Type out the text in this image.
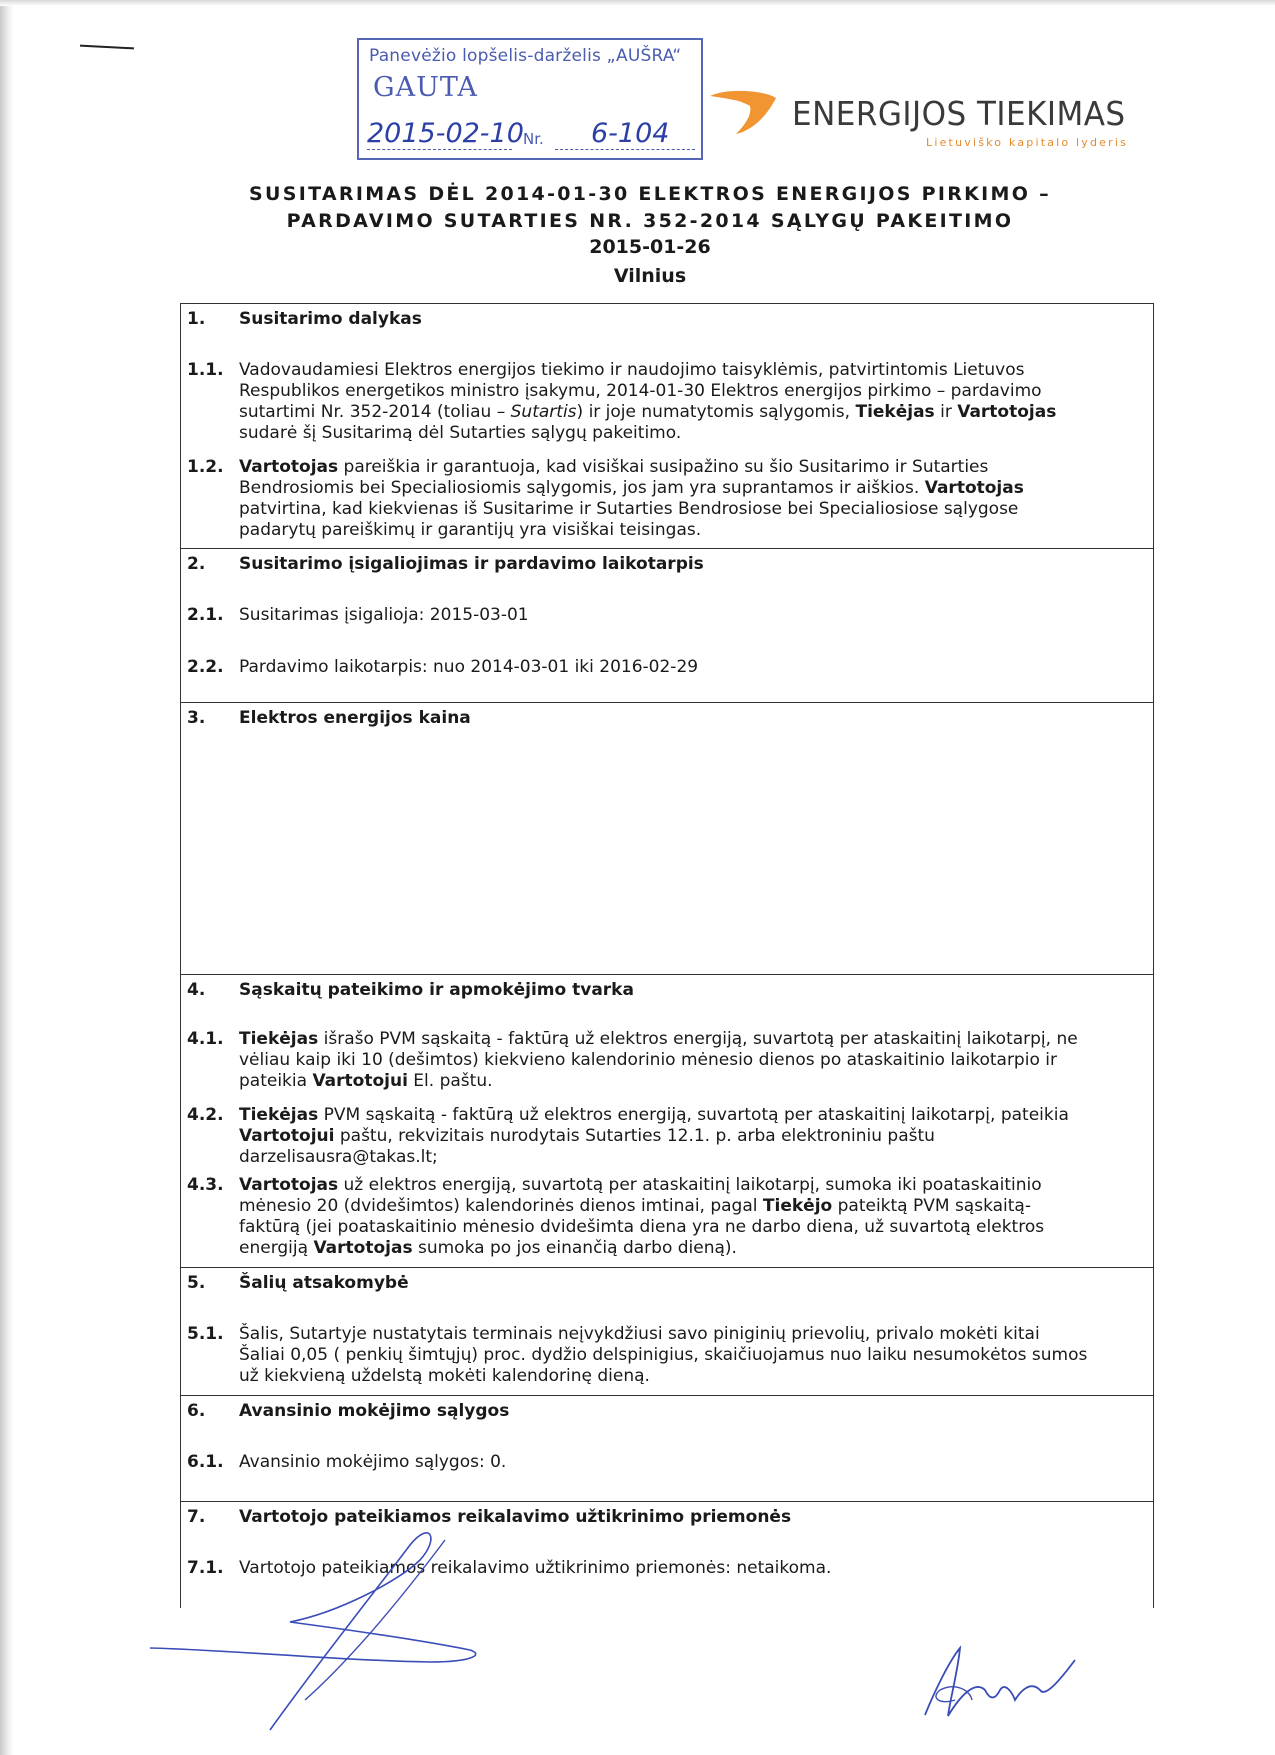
Panevėžio lopšelis-darželis „AUŠRA“
GAUTA
2015-02-10 Nr. 6-104
ENERGIJOS TIEKIMAS
Lietuviško kapitalo lyderis
SUSITARIMAS DĖL 2014-01-30 ELEKTROS ENERGIJOS PIRKIMO –
PARDAVIMO SUTARTIES NR. 352-2014 SĄLYGŲ PAKEITIMO
2015-01-26
Vilnius
1. Susitarimo dalykas
1.1. Vadovaudamiesi Elektros energijos tiekimo ir naudojimo taisyklėmis, patvirtintomis Lietuvos
Respublikos energetikos ministro įsakymu, 2014-01-30 Elektros energijos pirkimo – pardavimo
sutartimi Nr. 352-2014 (toliau – Sutartis) ir joje numatytomis sąlygomis, Tiekėjas ir Vartotojas
sudarė šį Susitarimą dėl Sutarties sąlygų pakeitimo.
1.2. Vartotojas pareiškia ir garantuoja, kad visiškai susipažino su šio Susitarimo ir Sutarties
Bendrosiomis bei Specialiosiomis sąlygomis, jos jam yra suprantamos ir aiškios. Vartotojas
patvirtina, kad kiekvienas iš Susitarime ir Sutarties Bendrosiose bei Specialiosiose sąlygose
padarytų pareiškimų ir garantijų yra visiškai teisingas.
2. Susitarimo įsigaliojimas ir pardavimo laikotarpis
2.1. Susitarimas įsigalioja: 2015-03-01
2.2. Pardavimo laikotarpis: nuo 2014-03-01 iki 2016-02-29
3. Elektros energijos kaina
4. Sąskaitų pateikimo ir apmokėjimo tvarka
4.1. Tiekėjas išrašo PVM sąskaitą - faktūrą už elektros energiją, suvartotą per ataskaitinį laikotarpį, ne
vėliau kaip iki 10 (dešimtos) kiekvieno kalendorinio mėnesio dienos po ataskaitinio laikotarpio ir
pateikia Vartotojui El. paštu.
4.2. Tiekėjas PVM sąskaitą - faktūrą už elektros energiją, suvartotą per ataskaitinį laikotarpį, pateikia
Vartotojui paštu, rekvizitais nurodytais Sutarties 12.1. p. arba elektroniniu paštu
darzelisausra@takas.lt;
4.3. Vartotojas už elektros energiją, suvartotą per ataskaitinį laikotarpį, sumoka iki poataskaitinio
mėnesio 20 (dvidešimtos) kalendorinės dienos imtinai, pagal Tiekėjo pateiktą PVM sąskaitą-
faktūrą (jei poataskaitinio mėnesio dvidešimta diena yra ne darbo diena, už suvartotą elektros
energiją Vartotojas sumoka po jos einančią darbo dieną).
5. Šalių atsakomybė
5.1. Šalis, Sutartyje nustatytais terminais neįvykdžiusi savo piniginių prievolių, privalo mokėti kitai
Šaliai 0,05 ( penkių šimtųjų) proc. dydžio delspinigius, skaičiuojamus nuo laiku nesumokėtos sumos
už kiekvieną uždelstą mokėti kalendorinę dieną.
6. Avansinio mokėjimo sąlygos
6.1. Avansinio mokėjimo sąlygos: 0.
7. Vartotojo pateikiamos reikalavimo užtikrinimo priemonės
7.1. Vartotojo pateikiamos reikalavimo užtikrinimo priemonės: netaikoma.
